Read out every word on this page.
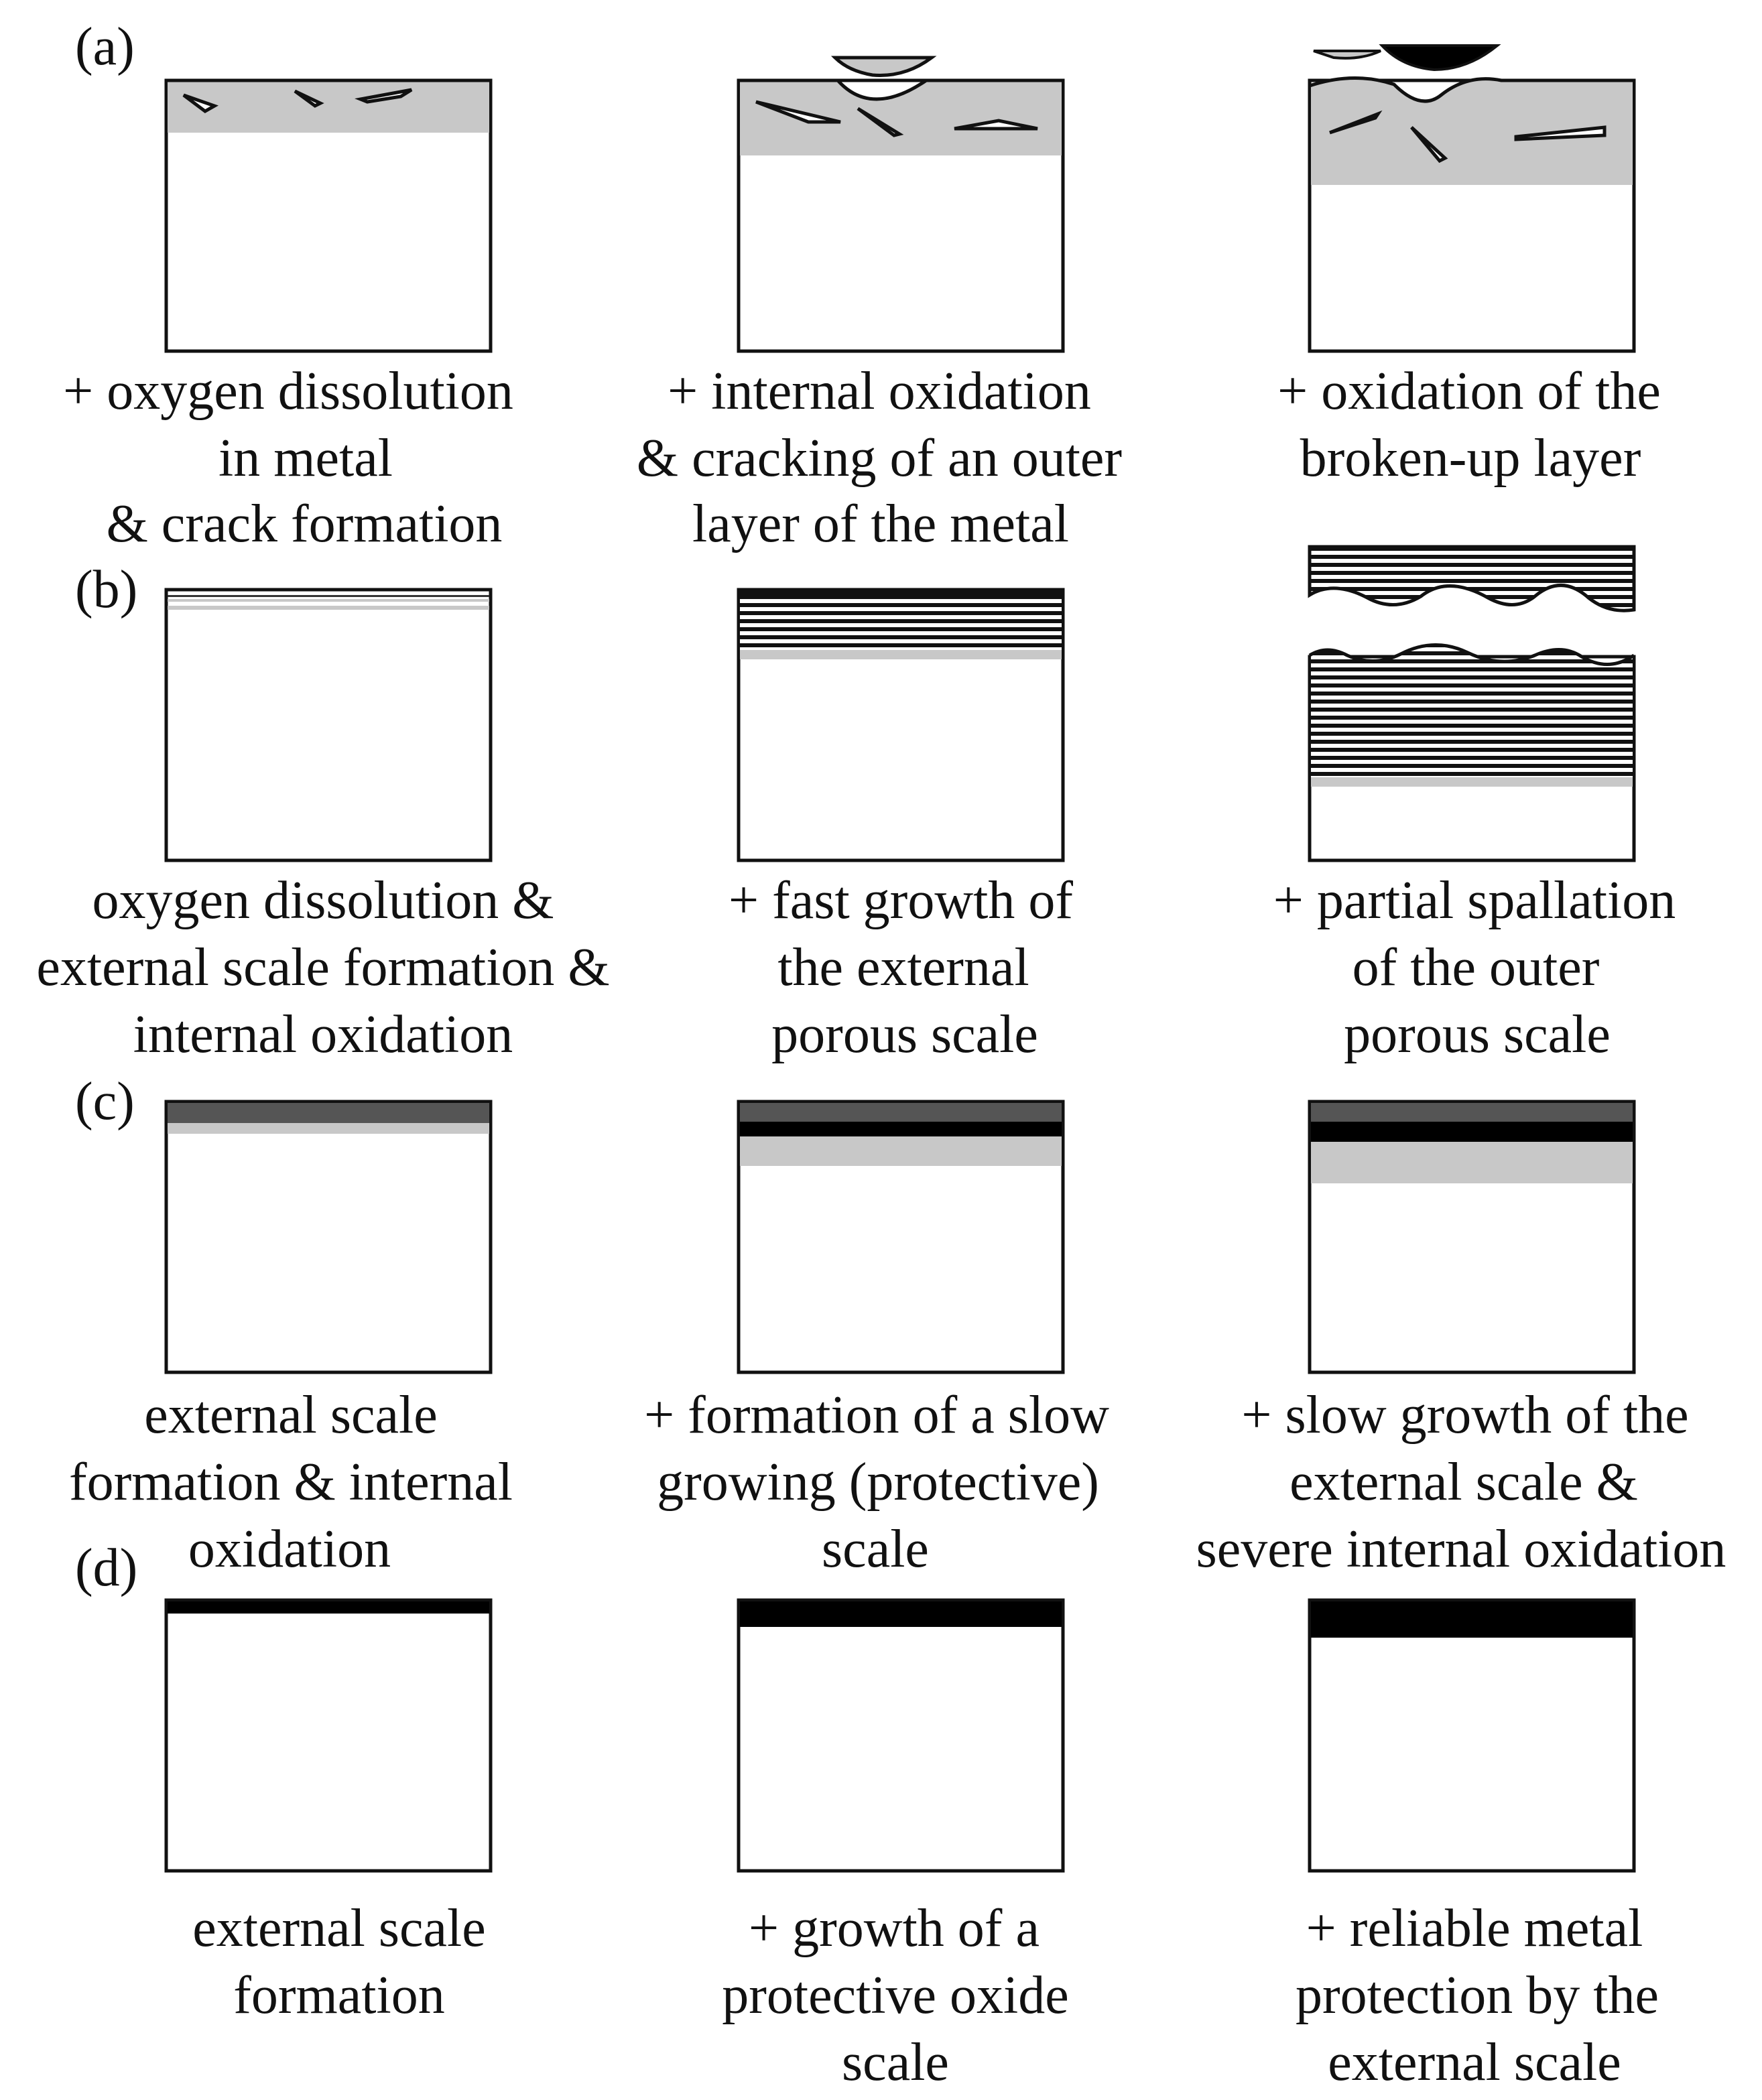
(a)
(b)
(c)
(d)
+ oxygen dissolution
in metal
& crack formation
+ internal oxidation
& cracking of an outer
layer of the metal
+ oxidation of the
broken-up layer
oxygen dissolution &
external scale formation &
internal oxidation
+ fast growth of
the external
porous scale
+ partial spallation
of the outer
porous scale
external scale
formation & internal
oxidation
+ formation of a slow
growing (protective)
scale
+ slow growth of the
external scale &
severe internal oxidation
external scale
formation
+ growth of a
protective oxide
scale
+ reliable metal
protection by the
external scale
